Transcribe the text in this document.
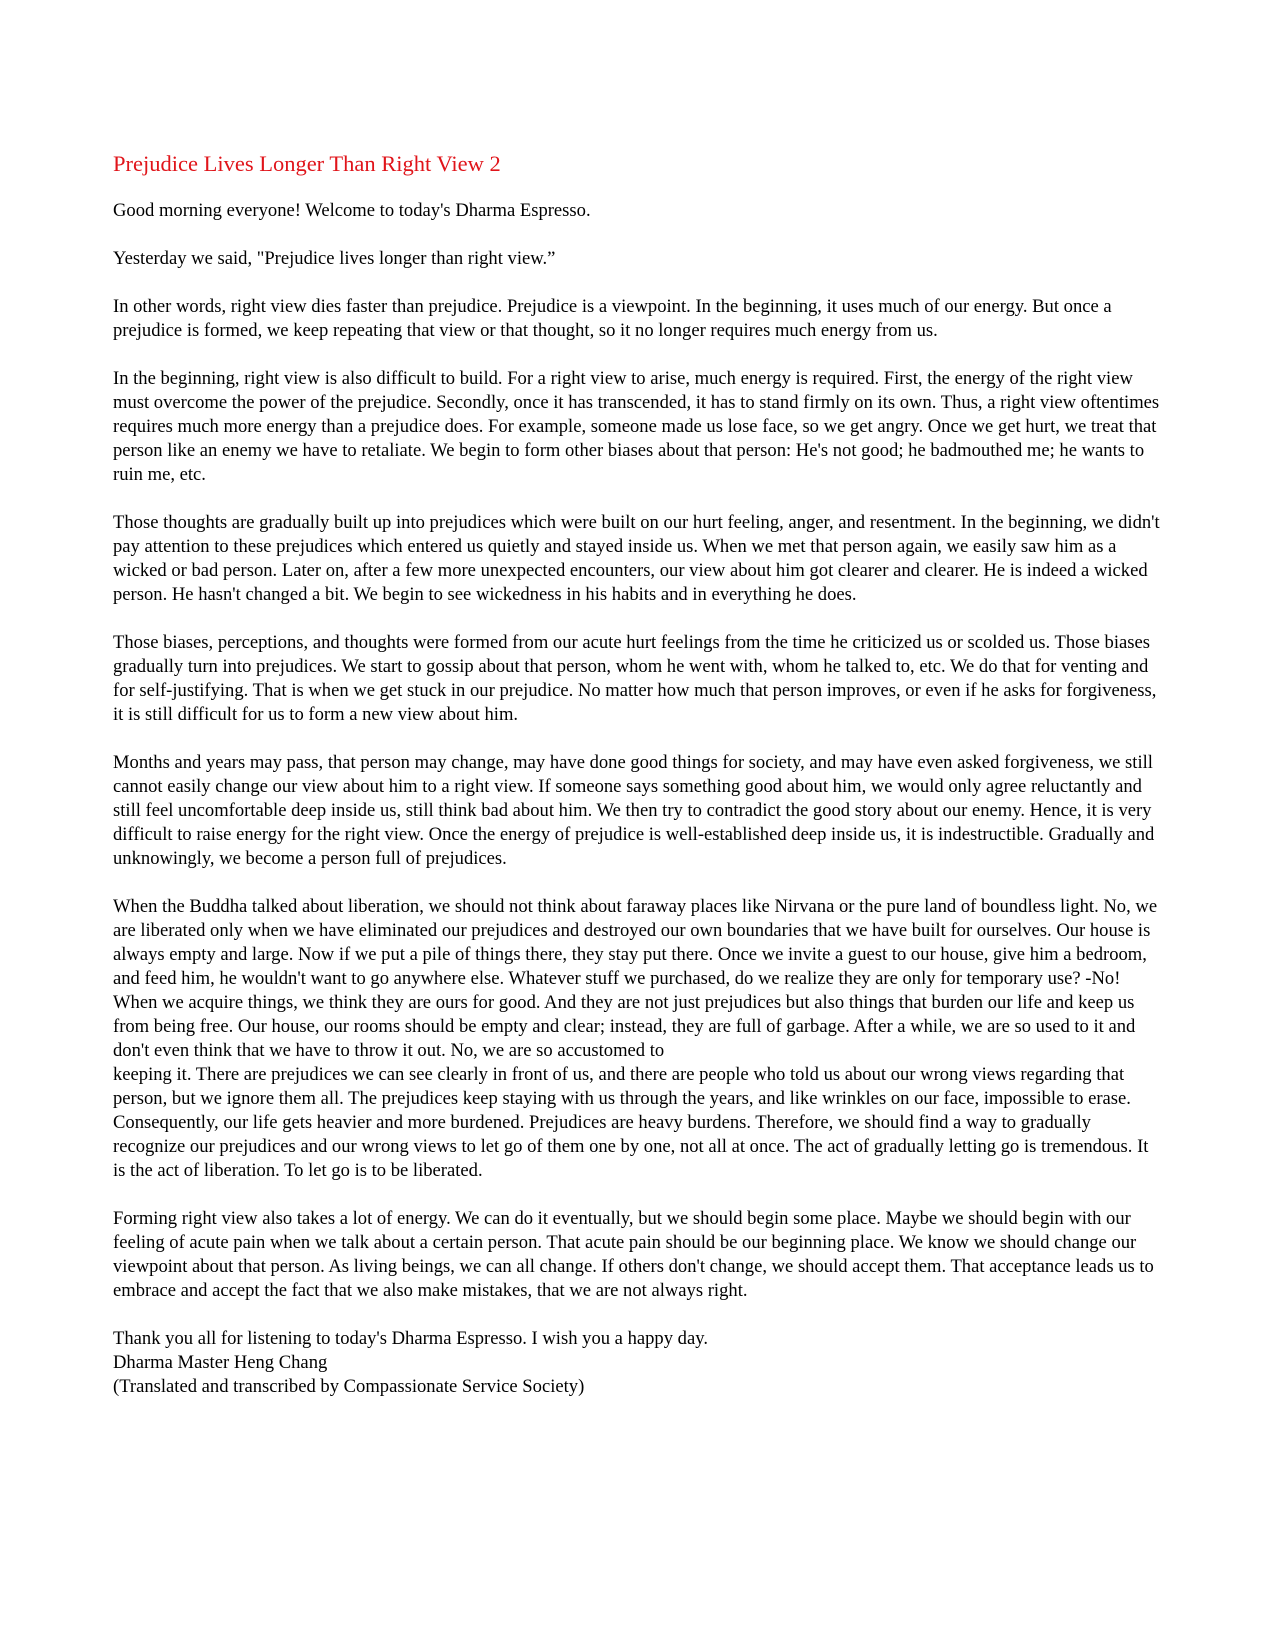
Prejudice Lives Longer Than Right View 2

Good morning everyone! Welcome to today's Dharma Espresso.

Yesterday we said, "Prejudice lives longer than right view.”

In other words, right view dies faster than prejudice. Prejudice is a viewpoint. In the beginning, it uses much of our energy. But once a prejudice is formed, we keep repeating that view or that thought, so it no longer requires much energy from us.

In the beginning, right view is also difficult to build. For a right view to arise, much energy is required. First, the energy of the right view must overcome the power of the prejudice. Secondly, once it has transcended, it has to stand firmly on its own. Thus, a right view oftentimes requires much more energy than a prejudice does. For example, someone made us lose face, so we get angry. Once we get hurt, we treat that person like an enemy we have to retaliate. We begin to form other biases about that person: He's not good; he badmouthed me; he wants to ruin me, etc.

Those thoughts are gradually built up into prejudices which were built on our hurt feeling, anger, and resentment. In the beginning, we didn't pay attention to these prejudices which entered us quietly and stayed inside us. When we met that person again, we easily saw him as a wicked or bad person. Later on, after a few more unexpected encounters, our view about him got clearer and clearer. He is indeed a wicked person. He hasn't changed a bit. We begin to see wickedness in his habits and in everything he does.

Those biases, perceptions, and thoughts were formed from our acute hurt feelings from the time he criticized us or scolded us. Those biases gradually turn into prejudices. We start to gossip about that person, whom he went with, whom he talked to, etc. We do that for venting and for self-justifying. That is when we get stuck in our prejudice. No matter how much that person improves, or even if he asks for forgiveness, it is still difficult for us to form a new view about him.

Months and years may pass, that person may change, may have done good things for society, and may have even asked forgiveness, we still cannot easily change our view about him to a right view. If someone says something good about him, we would only agree reluctantly and still feel uncomfortable deep inside us, still think bad about him. We then try to contradict the good story about our enemy. Hence, it is very difficult to raise energy for the right view. Once the energy of prejudice is well-established deep inside us, it is indestructible. Gradually and unknowingly, we become a person full of prejudices.

When the Buddha talked about liberation, we should not think about faraway places like Nirvana or the pure land of boundless light. No, we are liberated only when we have eliminated our prejudices and destroyed our own boundaries that we have built for ourselves. Our house is always empty and large. Now if we put a pile of things there, they stay put there. Once we invite a guest to our house, give him a bedroom, and feed him, he wouldn't want to go anywhere else. Whatever stuff we purchased, do we realize they are only for temporary use? -No! When we acquire things, we think they are ours for good. And they are not just prejudices but also things that burden our life and keep us from being free. Our house, our rooms should be empty and clear; instead, they are full of garbage. After a while, we are so used to it and don't even think that we have to throw it out. No, we are so accustomed to
keeping it. There are prejudices we can see clearly in front of us, and there are people who told us about our wrong views regarding that person, but we ignore them all. The prejudices keep staying with us through the years, and like wrinkles on our face, impossible to erase. Consequently, our life gets heavier and more burdened. Prejudices are heavy burdens. Therefore, we should find a way to gradually recognize our prejudices and our wrong views to let go of them one by one, not all at once. The act of gradually letting go is tremendous. It is the act of liberation. To let go is to be liberated.

Forming right view also takes a lot of energy. We can do it eventually, but we should begin some place. Maybe we should begin with our feeling of acute pain when we talk about a certain person. That acute pain should be our beginning place. We know we should change our viewpoint about that person. As living beings, we can all change. If others don't change, we should accept them. That acceptance leads us to embrace and accept the fact that we also make mistakes, that we are not always right.

Thank you all for listening to today's Dharma Espresso. I wish you a happy day.

Dharma Master Heng Chang

(Translated and transcribed by Compassionate Service Society)
